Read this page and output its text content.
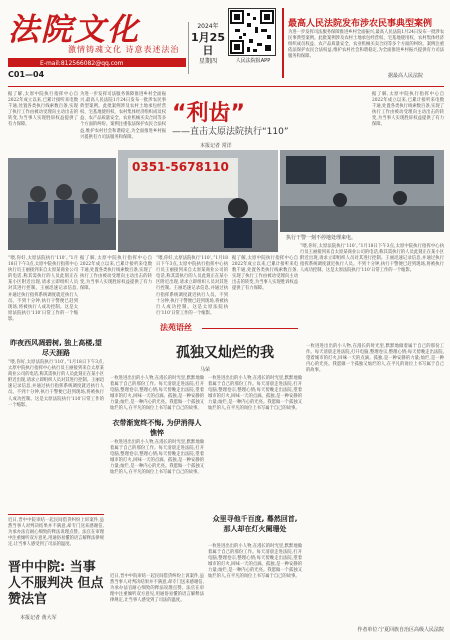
法院文化
激情铸魂文化 诗意表述法治
E-mail:812566082@qq.com
C01—04
2024年
1月25日
星期四	人民法院报APP
最高人民法院发布涉农民事典型案例
为进一步发挥司法服务保障推进乡村全面振兴,最高人民法院1月24日发布一批涉农民事典型案例。此批案例涉及农村土地承包经营权、宅基地使用权、农村集体经济组织成员权益、农产品质量安全、农业机械买卖合同等多个方面的纠纷。案例注重依法保护农民合法权益,维护农村社会和谐稳定,为全面推进乡村振兴提供有力司法服务和保障。
据最高人民法院
“利齿”
——直击太原法院执行“110”
本报记者 常洋
据了解,太原中院执行指挥中心自2022年成立以来,已累计接听来电数千通,处置各类执行线索数百条,实现了执行工作由被动受理向主动出击的转变,为当事人实现胜诉权益提供了有力保障。
为进一步发挥司法服务保障推进乡村全面振兴,最高人民法院1月24日发布一批涉农民事典型案例。此批案例涉及农村土地承包经营权、宅基地使用权、农村集体经济组织成员权益、农产品质量安全、农业机械买卖合同等多个方面的纠纷。案例注重依法保护农民合法权益,维护农村社会和谐稳定,为全面推进乡村振兴提供有力司法服务和保障。
据了解,太原中院执行指挥中心自2022年成立以来,已累计接听来电数千通,处置各类执行线索数百条,实现了执行工作由被动受理向主动出击的转变,为当事人实现胜诉权益提供了有力保障。
0351-5678110
执行干警一刻不停地处理来电。
“喂,你好,太原法院执行‘110’。”1月18日下午3点,太原中院执行指挥中心执行员王丽接到来自太原某商业公司的电话,称其需执行的人员此刻正在某小区附近出现,请求立即组织人员对其进行控制。王丽迅速记录信息,并通过执行指挥系统调度就近执行人员。不到十分钟,执行干警便已赶到现场,将被执行人成功控制。这是太原法院执行‘110’日常工作的一个缩影。
据了解,太原中院执行指挥中心自2022年成立以来,已累计接听来电数千通,处置各类执行线索数百条,实现了执行工作由被动受理向主动出击的转变,为当事人实现胜诉权益提供了有力保障。
“喂,你好,太原法院执行‘110’。”1月18日下午3点,太原中院执行指挥中心执行员王丽接到来自太原某商业公司的电话,称其需执行的人员此刻正在某小区附近出现,请求立即组织人员对其进行控制。王丽迅速记录信息,并通过执行指挥系统调度就近执行人员。不到十分钟,执行干警便已赶到现场,将被执行人成功控制。这是太原法院执行‘110’日常工作的一个缩影。
据了解,太原中院执行指挥中心自2022年成立以来,已累计接听来电数千通,处置各类执行线索数百条,实现了执行工作由被动受理向主动出击的转变,为当事人实现胜诉权益提供了有力保障。
“喂,你好,太原法院执行‘110’。”1月18日下午3点,太原中院执行指挥中心执行员王丽接到来自太原某商业公司的电话,称其需执行的人员此刻正在某小区附近出现,请求立即组织人员对其进行控制。王丽迅速记录信息,并通过执行指挥系统调度就近执行人员。不到十分钟,执行干警便已赶到现场,将被执行人成功控制。这是太原法院执行‘110’日常工作的一个缩影。
昨夜西风凋碧树, 独上高楼,望尽天涯路
“喂,你好,太原法院执行‘110’。”1月18日下午3点,太原中院执行指挥中心执行员王丽接到来自太原某商业公司的电话,称其需执行的人员此刻正在某小区附近出现,请求立即组织人员对其进行控制。王丽迅速记录信息,并通过执行指挥系统调度就近执行人员。不到十分钟,执行干警便已赶到现场,将被执行人成功控制。这是太原法院执行‘110’日常工作的一个缩影。
法苑语丝
孤独又灿烂的我
马荣
一枚进进出出的小人物,在漫长的时光里,默默地做着属于自己的那份工作。每天清晨走进法院,打开电脑,整理卷宗,整理心情;每天傍晚走出法院,望着城市的灯火,回味一天的点滴。孤独,是一种安静的力量;灿烂,是一种内心的光亮。我愿做一个孤独又灿烂的人,在平凡的岗位上书写属于自己的故事。
衣带渐宽终不悔, 为伊消得人憔悴
一枚进进出出的小人物,在漫长的时光里,默默地做着属于自己的那份工作。每天清晨走进法院,打开电脑,整理卷宗,整理心情;每天傍晚走出法院,望着城市的灯火,回味一天的点滴。孤独,是一种安静的力量;灿烂,是一种内心的光亮。我愿做一个孤独又灿烂的人,在平凡的岗位上书写属于自己的故事。
一枚进进出出的小人物,在漫长的时光里,默默地做着属于自己的那份工作。每天清晨走进法院,打开电脑,整理卷宗,整理心情;每天傍晚走出法院,望着城市的灯火,回味一天的点滴。孤独,是一种安静的力量;灿烂,是一种内心的光亮。我愿做一个孤独又灿烂的人,在平凡的岗位上书写属于自己的故事。
众里寻他千百度, 蓦然回首, 那人却在灯火阑珊处
一枚进进出出的小人物,在漫长的时光里,默默地做着属于自己的那份工作。每天清晨走进法院,打开电脑,整理卷宗,整理心情;每天傍晚走出法院,望着城市的灯火,回味一天的点滴。孤独,是一种安静的力量;灿烂,是一种内心的光亮。我愿做一个孤独又灿烂的人,在平凡的岗位上书写属于自己的故事。
一枚进进出出的小人物,在漫长的时光里,默默地做着属于自己的那份工作。每天清晨走进法院,打开电脑,整理卷宗,整理心情;每天傍晚走出法院,望着城市的灯火,回味一天的点滴。孤独,是一种安静的力量;灿烂,是一种内心的光亮。我愿做一个孤独又灿烂的人,在平凡的岗位上书写属于自己的故事。
作者单位:宁夏回族自治区高级人民法院
近日,晋中中院审结一起民间借贷纠纷上诉案件,虽然当事人对判决结果并不满意,却专门送来感谢信,为承办法官耐心细致的释法说理点赞。法官在审理中注重倾听双方意见,用通俗易懂的语言解释法律规定,让当事人感受到了司法的温度。
晋中中院: 当事人不服判决 但点赞法官
本报记者 黄大军
近日,晋中中院审结一起民间借贷纠纷上诉案件,虽然当事人对判决结果并不满意,却专门送来感谢信,为承办法官耐心细致的释法说理点赞。法官在审理中注重倾听双方意见,用通俗易懂的语言解释法律规定,让当事人感受到了司法的温度。
